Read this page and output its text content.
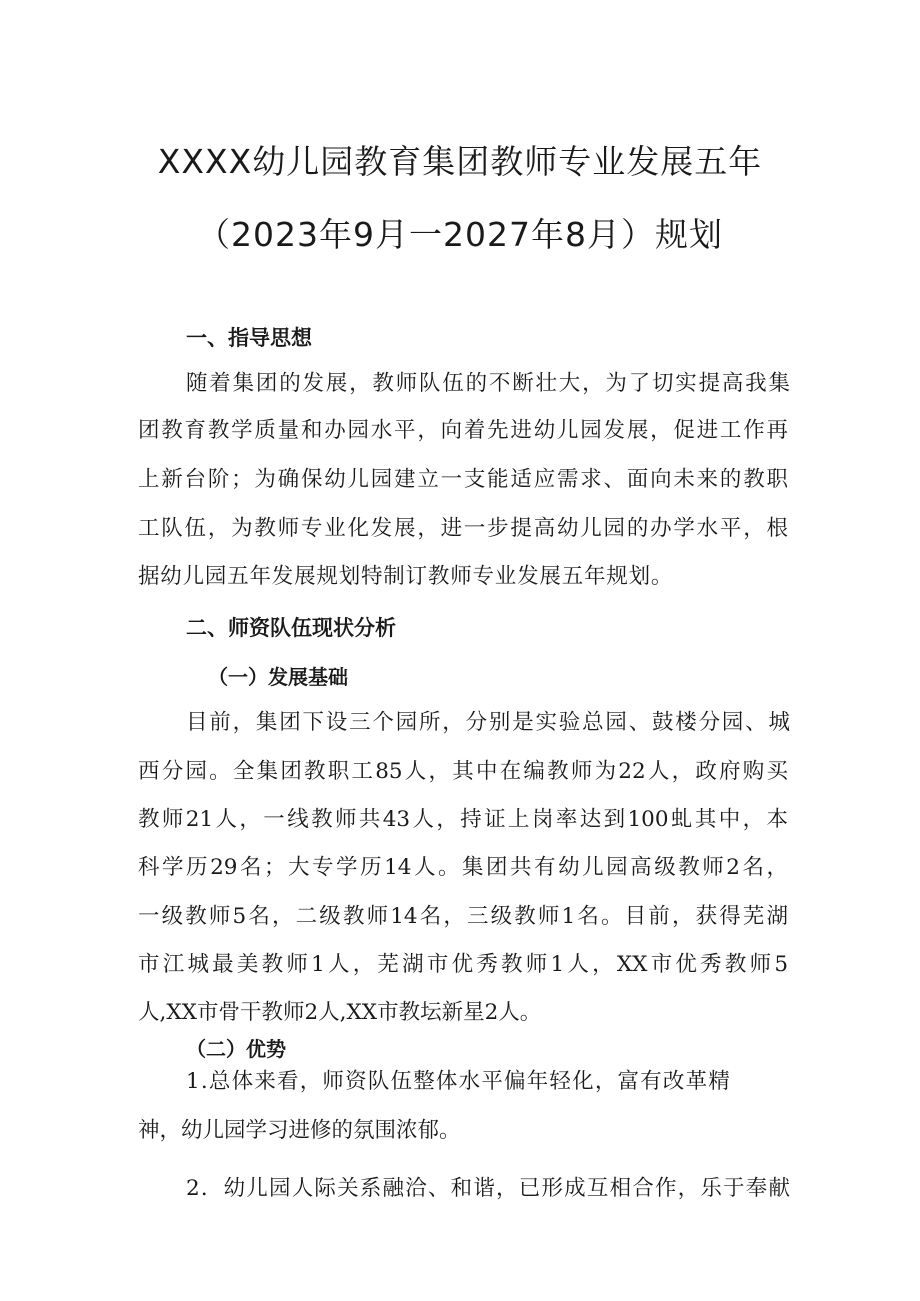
XXXX幼儿园教育集团教师专业发展五年
（2023年9月一2027年8月）规划
一、指导思想
随着集团的发展，教师队伍的不断壮大，为了切实提高我集
团教育教学质量和办园水平，向着先进幼儿园发展，促进工作再
上新台阶；为确保幼儿园建立一支能适应需求、面向未来的教职
工队伍，为教师专业化发展，进一步提高幼儿园的办学水平，根
据幼儿园五年发展规划特制订教师专业发展五年规划。
二、师资队伍现状分析
（一）发展基础
目前，集团下设三个园所，分别是实验总园、鼓楼分园、城
西分园。全集团教职工85人，其中在编教师为22人，政府购买
教师21人，一线教师共43人，持证上岗率达到100虬其中，本
科学历29名；大专学历14人。集团共有幼儿园高级教师2名，
一级教师5名，二级教师14名，三级教师1名。目前，获得芜湖
市江城最美教师1人，芜湖市优秀教师1人，XX市优秀教师5
人,XX市骨干教师2人,XX市教坛新星2人。
（二）优势
1.总体来看，师资队伍整体水平偏年轻化，富有改革精
神，幼儿园学习进修的氛围浓郁。
2．幼儿园人际关系融洽、和谐，已形成互相合作，乐于奉献
